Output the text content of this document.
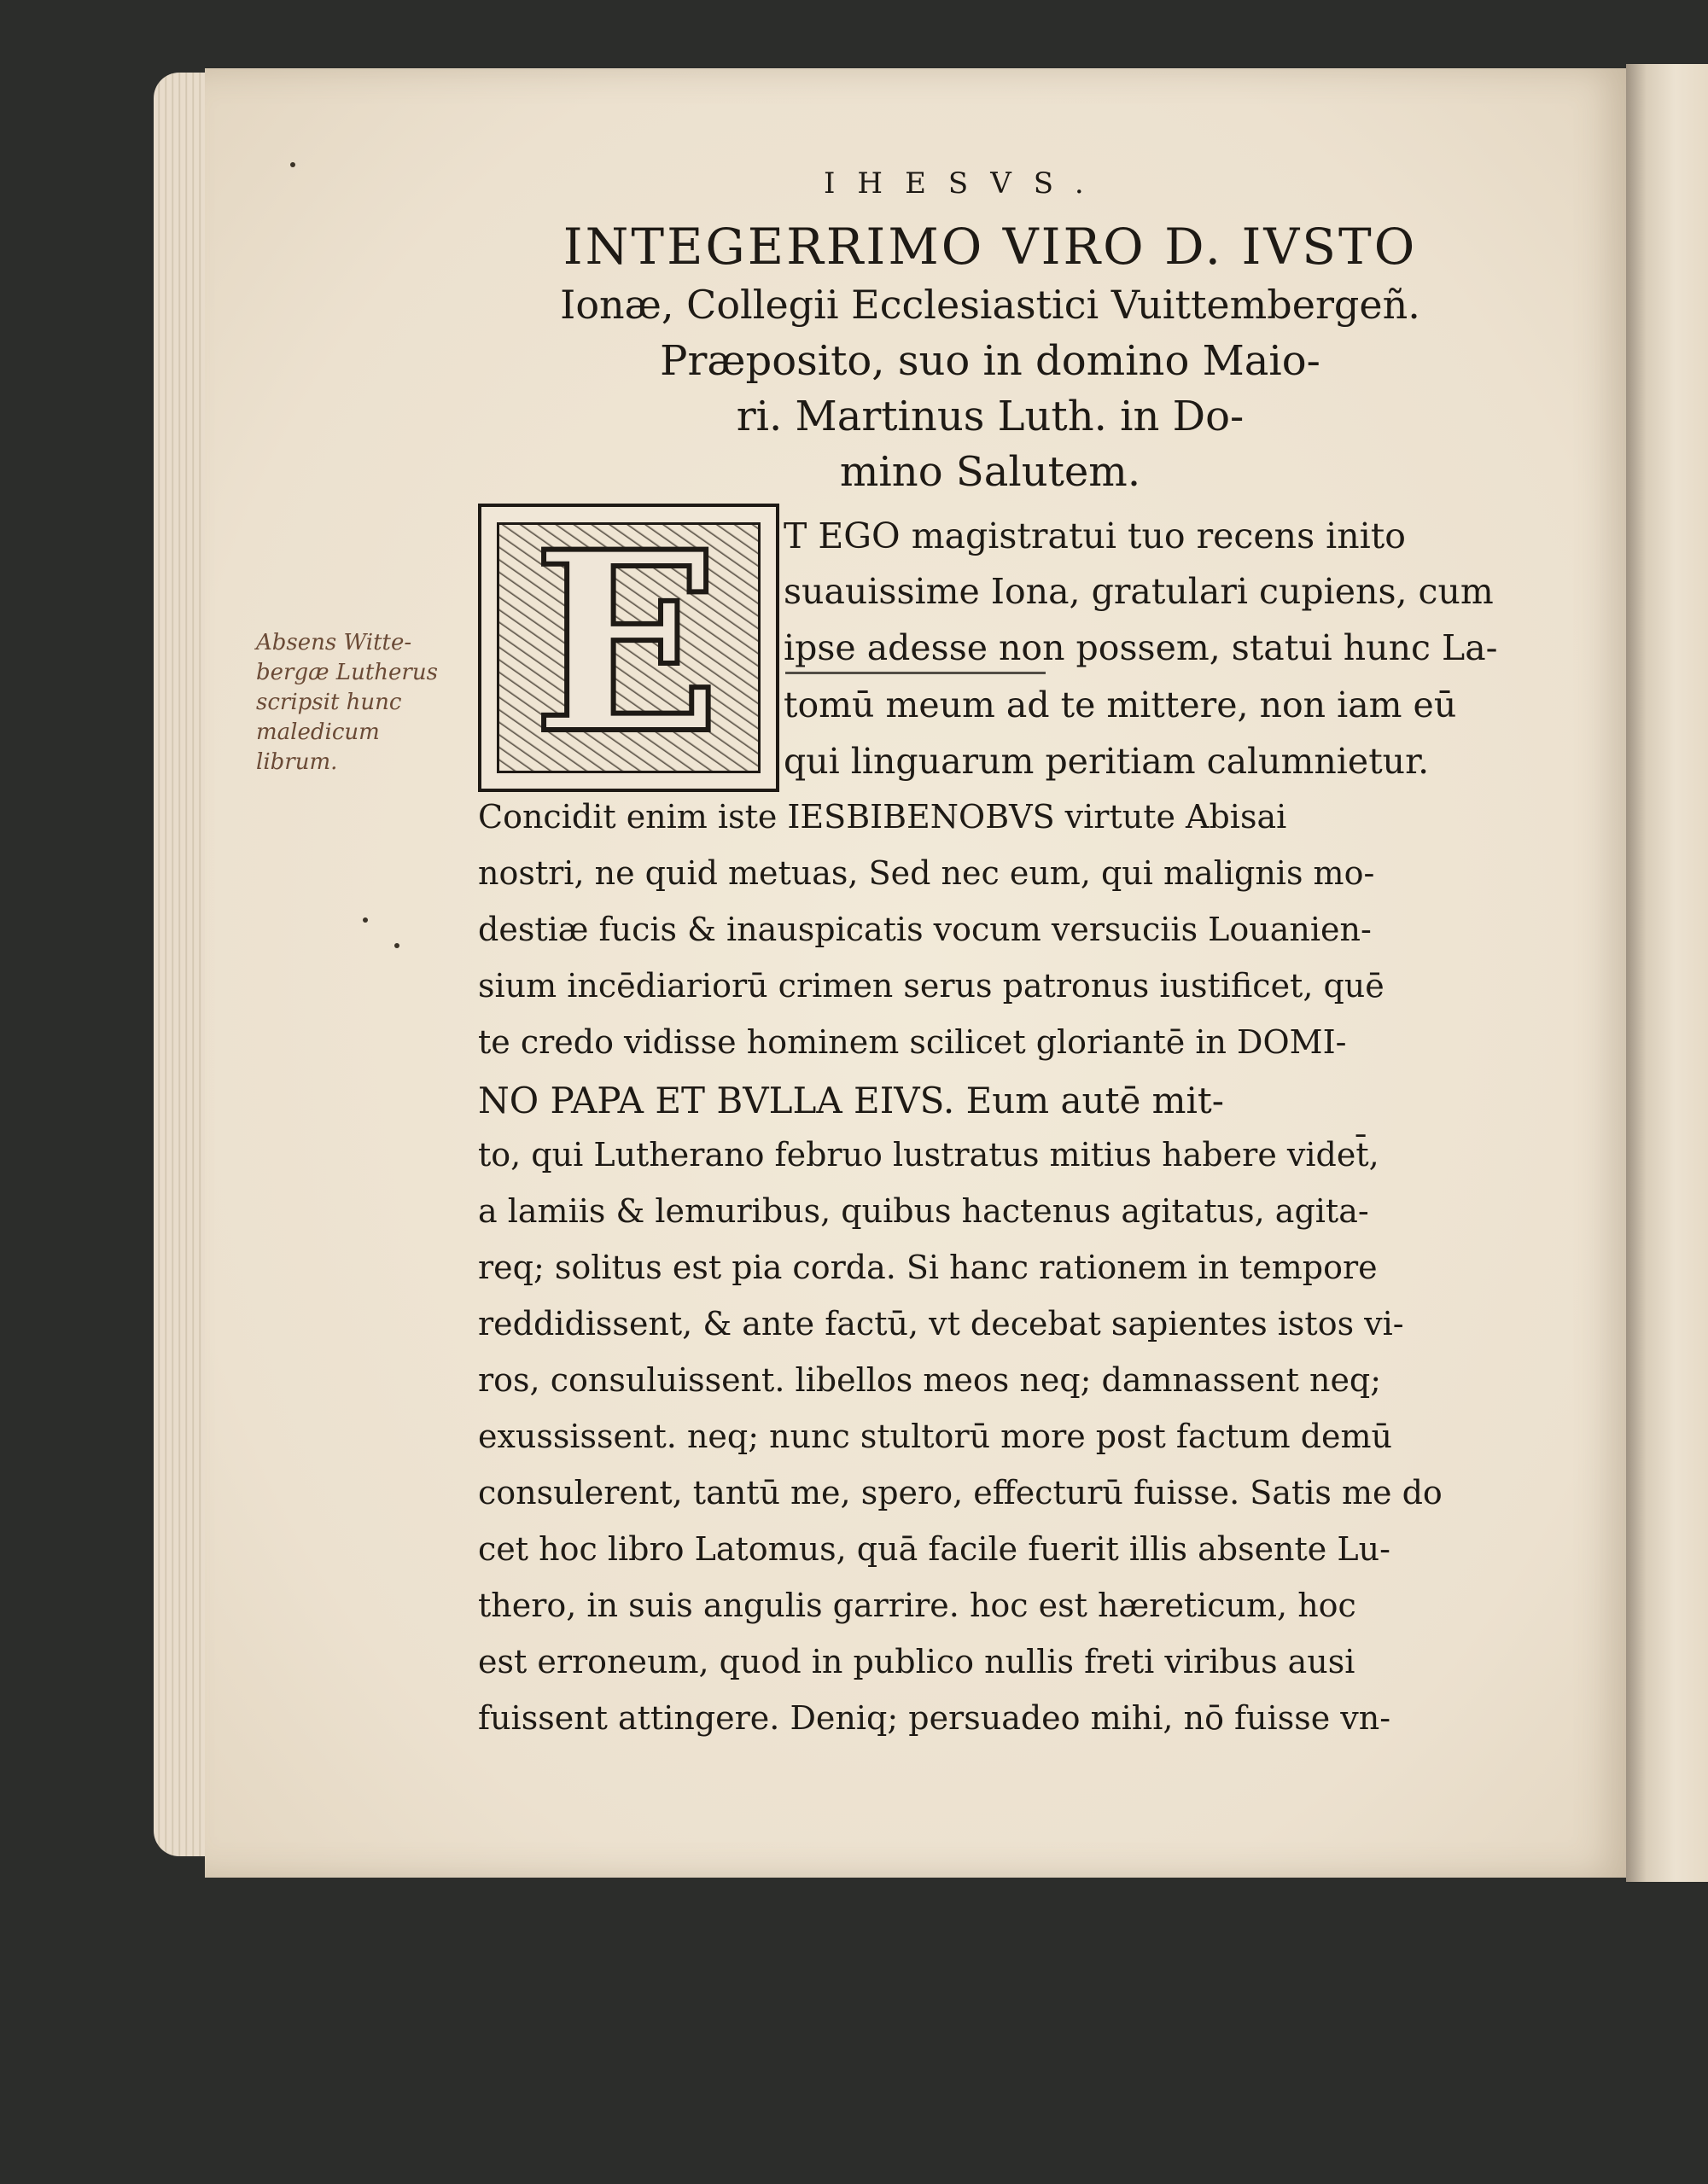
IHESVS.
INTEGERRIMO VIRO D. IVSTO
Ionæ, Collegii Ecclesiastici Vuittembergeñ.
Præposito, suo in domino Maio-
ri. Martinus Luth. in Do-
mino Salutem.
E	T EGO magistratui tuo recens inito
suauissime Iona, gratulari cupiens, cum
ipse adesse non possem, statui hunc La-
tomū meum ad te mittere, non iam eū
qui linguarum peritiam calumnietur.
Concidit enim iste IESBIBENOBVS virtute Abisai
nostri, ne quid metuas, Sed nec eum, qui malignis mo-
destiæ fucis & inauspicatis vocum versuciis Louanien-
sium incēdiariorū crimen serus patronus iustificet, quē
te credo vidisse hominem scilicet gloriantē in DOMI-
NO PAPA ET BVLLA EIVS. Eum autē mit-
to, qui Lutherano februo lustratus mitius habere videt̄,
a lamiis & lemuribus, quibus hactenus agitatus, agita-
req; solitus est pia corda. Si hanc rationem in tempore
reddidissent, & ante factū, vt decebat sapientes istos vi-
ros, consuluissent. libellos meos neq; damnassent neq;
exussissent. neq; nunc stultorū more post factum demū
consulerent, tantū me, spero, effecturū fuisse. Satis me do
cet hoc libro Latomus, quā facile fuerit illis absente Lu-
thero, in suis angulis garrire. hoc est hæreticum, hoc
est erroneum, quod in publico nullis freti viribus ausi
fuissent attingere. Deniq; persuadeo mihi, nō fuisse vn-
Absens Witte-
bergæ Lutherus
scripsit hunc
maledicum
librum.
